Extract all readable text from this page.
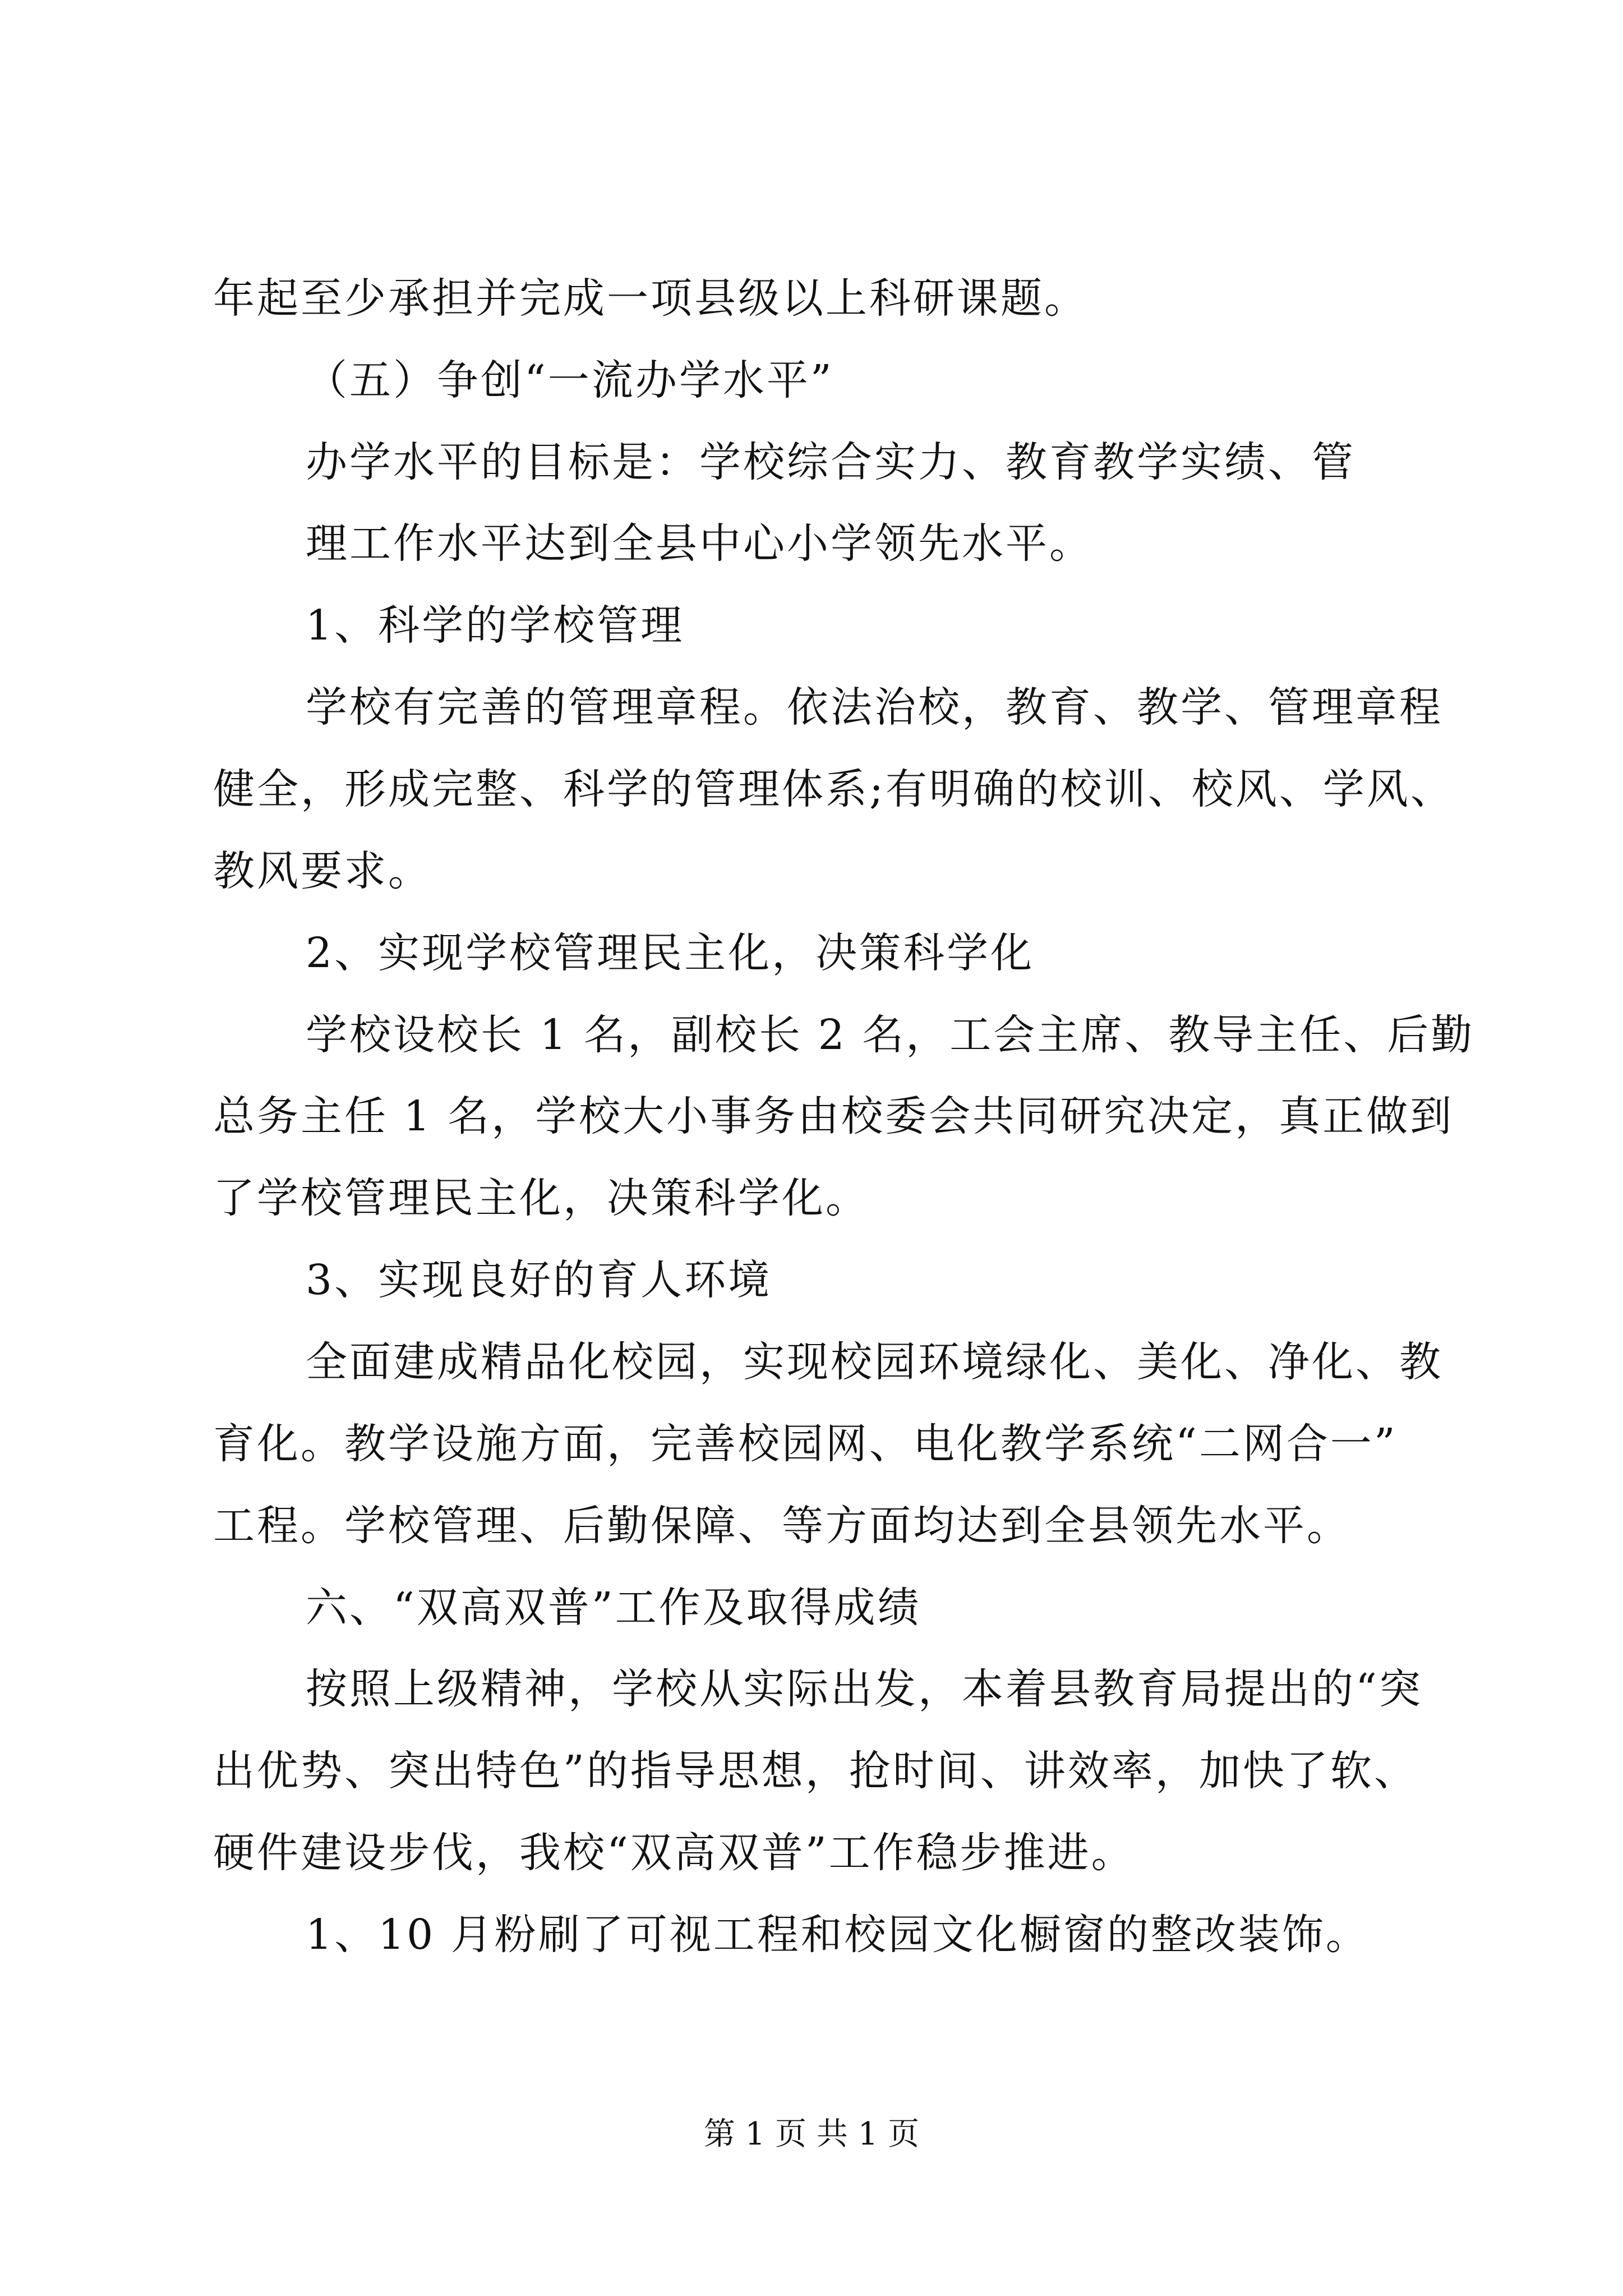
年起至少承担并完成一项县级以上科研课题。
（五）争创“一流办学水平”
办学水平的目标是：学校综合实力、教育教学实绩、管
理工作水平达到全县中心小学领先水平。
1、科学的学校管理
学校有完善的管理章程。依法治校，教育、教学、管理章程
健全，形成完整、科学的管理体系;有明确的校训、校风、学风、
教风要求。
2、实现学校管理民主化，决策科学化
学校设校长 1 名，副校长 2 名，工会主席、教导主任、后勤
总务主任 1 名，学校大小事务由校委会共同研究决定，真正做到
了学校管理民主化，决策科学化。
3、实现良好的育人环境
全面建成精品化校园，实现校园环境绿化、美化、净化、教
育化。教学设施方面，完善校园网、电化教学系统“二网合一”
工程。学校管理、后勤保障、等方面均达到全县领先水平。
六、“双高双普”工作及取得成绩
按照上级精神，学校从实际出发，本着县教育局提出的“突
出优势、突出特色”的指导思想，抢时间、讲效率，加快了软、
硬件建设步伐，我校“双高双普”工作稳步推进。
1、10 月粉刷了可视工程和校园文化橱窗的整改装饰。
第 1 页 共 1 页
